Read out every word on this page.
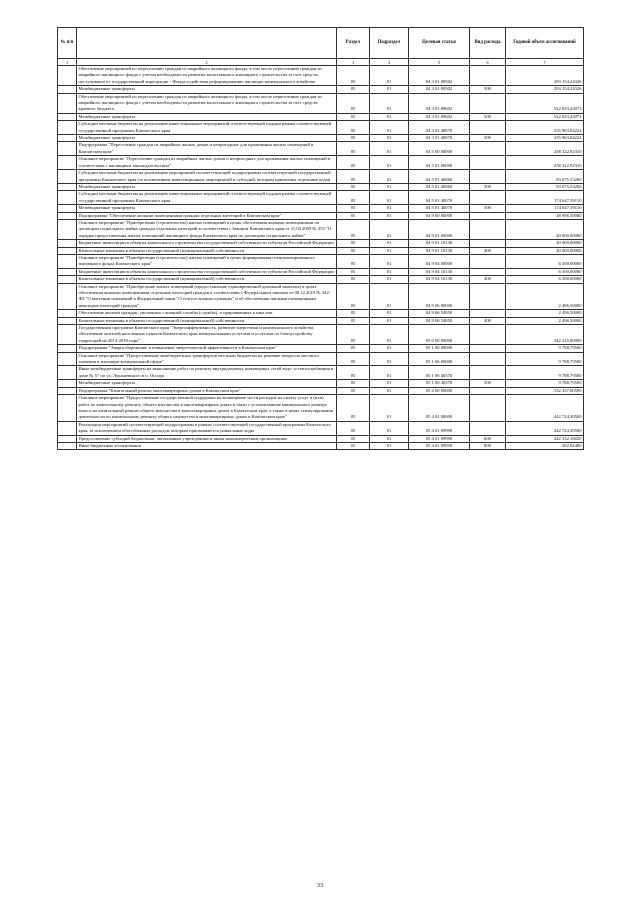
№ п/п		Раздел	Подраздел	Целевая статья	Вид расхода	Годовой объем ассигнований
1	2	3	4	5	6	7
	Обеспечение мероприятий по переселению граждан из аварийного жилищного фонда, в том числе переселению граждан из аварийного жилищного фонда с учетом необходимости развития малоэтажного жилищного строительства за счет средств, поступивших от государственной корпорации - Фонда содействия реформированию жилищно-коммунального хозяйства	05	01	04 3 01 09502		293 154,24326
	Межбюджетные трансферты	05	01	04 3 01 09502	500	293 154,24326
	Обеспечение мероприятий по переселению граждан из аварийного жилищного фонда, в том числе переселению граждан из аварийного жилищного фонда с учетом необходимости развития малоэтажного жилищного строительства за счет средств краевого бюджета	05	01	04 3 01 09602		522 633,43073
	Межбюджетные трансферты	05	01	04 3 01 09602	500	522 633,43073
	Субсидии местным бюджетам на реализацию инвестиционных мероприятий соответствующей подпрограммы соответствующей государственной программы Камчатского края	05	01	04 3 01 40070		235 963,84224
	Межбюджетные трансферты	05	01	04 3 01 40070	500	235 963,84224
	Подпрограмма "Переселение граждан из аварийных жилых домов и непригодных для проживания жилых помещений в Камчатском крае"	05	01	04 5 00 00000		258 322,92310
	Основное мероприятие "Переселение граждан из аварийных жилых домов и непригодных для проживания жилых помещений в соответствии с жилищным законодательством"	05	01	04 5 01 00000		258 322,92310
	Субсидии местным бюджетам на реализацию мероприятий соответствующей подпрограммы соответствующей государственной программы Камчатского края (за исключением инвестиционных мероприятий и субсидий, которым присвоены отдельные коды)	05	01	04 5 01 40060		83 675,53200
	Межбюджетные трансферты	05	01	04 5 01 40060	500	83 675,53200
	Субсидии местным бюджетам на реализацию инвестиционных мероприятий соответствующей подпрограммы соответствующей государственной программы Камчатского края	05	01	04 5 01 40070		174 647,39110
	Межбюджетные трансферты	05	01	04 5 01 40070	500	174 647,39110
	Подпрограмма "Обеспечение жилыми помещениями граждан отдельных категорий в Камчатском крае"	05	01	04 9 00 00000		48 996,50000
	Основное мероприятие "Приобретение (строительство) жилых помещений в целях обеспечения жилыми помещениями по договорам социального найма граждан отдельных категорий в соответствии с Законом Камчатского края от 31.03.2009 № 253 "О порядке предоставления жилых помещений жилищного фонда Камчатского края по договорам социального найма"	05	01	04 9 01 00000		40 000,00000
	Бюджетные инвестиции в объекты капитального строительства государственной собственности субъектов Российской Федерации	05	01	04 9 01 10130		40 000,00000
	Капитальные вложения в объекты государственной (муниципальной) собственности	05	01	04 9 01 10130	400	40 000,00000
	Основное мероприятие "Приобретение (строительство) жилых помещений в целях формирования специализированного жилищного фонда Камчатского края"	05	01	04 9 04 00000		6 500,00000
	Бюджетные инвестиции в объекты капитального строительства государственной собственности субъектов Российской Федерации	05	01	04 9 04 10130		6 500,00000
	Капитальные вложения в объекты государственной (муниципальной) собственности	05	01	04 9 04 10130	400	6 500,00000
	Основное мероприятие "Приобретение жилых помещений (предоставление единовременной денежной выплаты) в целях обеспечения жилыми помещениями отдельных категорий граждан в соответствии с Федеральным законом от 08.12.2010 № 342-ФЗ "О внесении изменений в Федеральный закон "О статусе военнослужащих" и об обеспечении жилыми помещениями некоторых категорий граждан"	05	01	04 9 06 00000		2 496,50000
	Обеспечение жильем граждан, уволенных с военной службы (службы), и приравненных к ним лиц	05	01	04 9 06 54850		2 496,50000
	Капитальные вложения в объекты государственной (муниципальной) собственности	05	01	04 9 06 54850	400	2 496,50000
	Государственная программа Камчатского края "Энергоэффективность, развитие энергетики и коммунального хозяйства, обеспечение жителей населенных пунктов Камчатского края коммунальными услугами и услугами по благоустройству территорий на 2014-2018 годы"	05	01	05 0 00 00000		542 225,80000
	Подпрограмма "Энергосбережение и повышение энергетической эффективности в Камчатском крае"	05	01	05 1 00 00000		9 788,79500
	Основное мероприятие "Предоставление межбюджетных трансфертов местным бюджетам на решение вопросов местного значения в жилищно-коммунальной сфере"	05	01	05 1 06 00000		9 788,79500
	Иные межбюджетные трансферты на выполнение работ по ремонту внутридомовых инженерных сетей водо- и теплоснабжения в доме № 57 по ул. Лукашевского в п. Оссора	05	01	05 1 06 40370		9 788,79500
	Межбюджетные трансферты	05	01	05 1 06 40370	500	9 788,79500
	Подпрограмма "Капитальный ремонт многоквартирных домов в Камчатском крае"	05	01	05 4 00 00000		532 437,00500
	Основное мероприятие "Предоставление государственной поддержки на возмещение части расходов на оплату услуг и (или) работ по капитальному ремонту общего имущества в многоквартирных домах в связи с установлением минимального размера взноса на капитальный ремонт общего имущества в многоквартирных домах в Камчатском крае, а также в целях стимулирования деятельности по капитальному ремонту общего имущества в многоквартирных домах в Камчатском крае"	05	01	05 4 01 00000		442 724,30500
	Реализация мероприятий соответствующей подпрограммы в рамках соответствующей государственной программы Камчатского края, за исключением обособленных расходов, которым присваиваются уникальные коды	05	01	05 4 01 09990		442 724,30500
	Предоставление субсидий бюджетным, автономным учреждениям и иным некоммерческим организациям	05	01	05 4 01 09990	600	442 332,16020
	Иные бюджетные ассигнования	05	01	05 4 01 09990	800	392,04480
33
